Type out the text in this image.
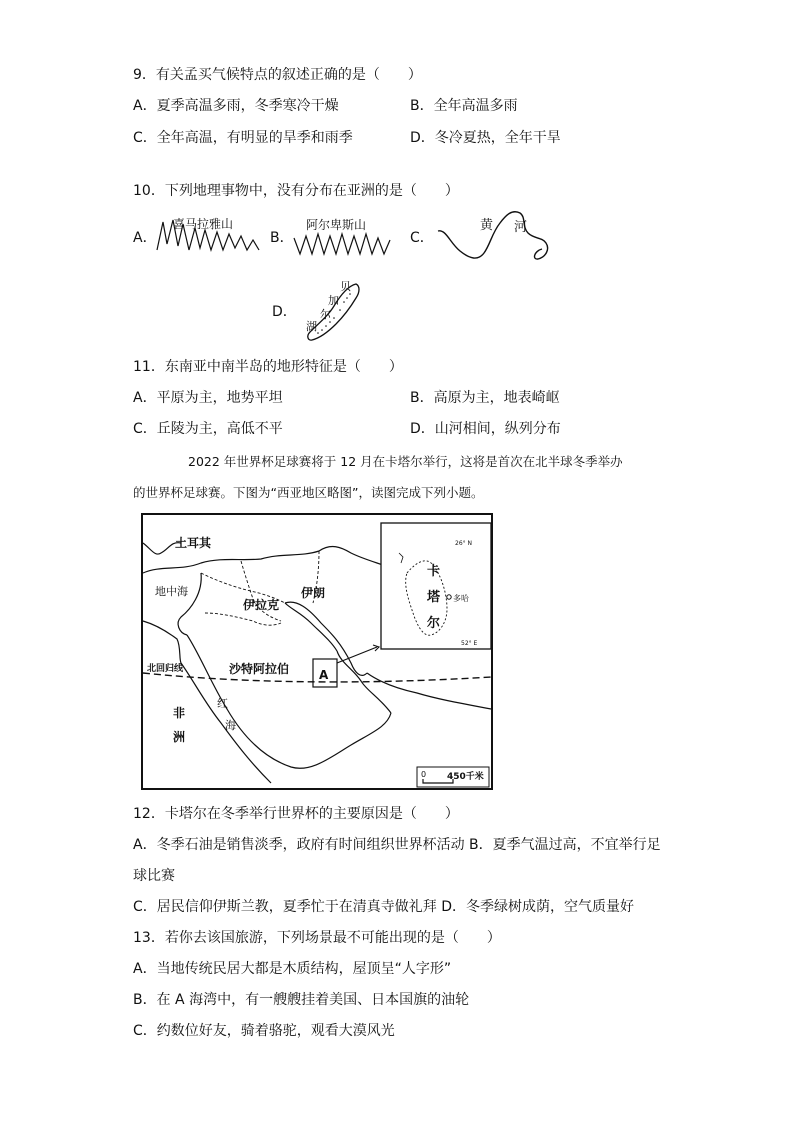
9．有关孟买气候特点的叙述正确的是（　　）
A．夏季高温多雨，冬季寒冷干燥	B．全年高温多雨
C．全年高温，有明显的旱季和雨季	D．冬冷夏热，全年干旱
10．下列地理事物中，没有分布在亚洲的是（　　）
A．
喜马拉雅山
B．
阿尔卑斯山
C．
黄 河
D．
贝
加
尔
湖
11．东南亚中南半岛的地形特征是（　　）
A．平原为主，地势平坦	B．高原为主，地表崎岖
C．丘陵为主，高低不平	D．山河相间，纵列分布
2022 年世界杯足球赛将于 12 月在卡塔尔举行，这将是首次在北半球冬季举办
的世界杯足球赛。下图为“西亚地区略图”，读图完成下列小题。
土耳其
地中海
伊拉克
伊朗
北回归线	沙特阿拉伯
非
洲
红
海
A
卡
塔
尔
多哈
26° N
52° E
0 450千米
12．卡塔尔在冬季举行世界杯的主要原因是（　　）
A．冬季石油是销售淡季，政府有时间组织世界杯活动 B．夏季气温过高，不宜举行足
球比赛
C．居民信仰伊斯兰教，夏季忙于在清真寺做礼拜 D．冬季绿树成荫，空气质量好
13．若你去该国旅游，下列场景最不可能出现的是（　　）
A．当地传统民居大都是木质结构，屋顶呈“人字形”
B．在 A 海湾中，有一艘艘挂着美国、日本国旗的油轮
C．约数位好友，骑着骆驼，观看大漠风光
